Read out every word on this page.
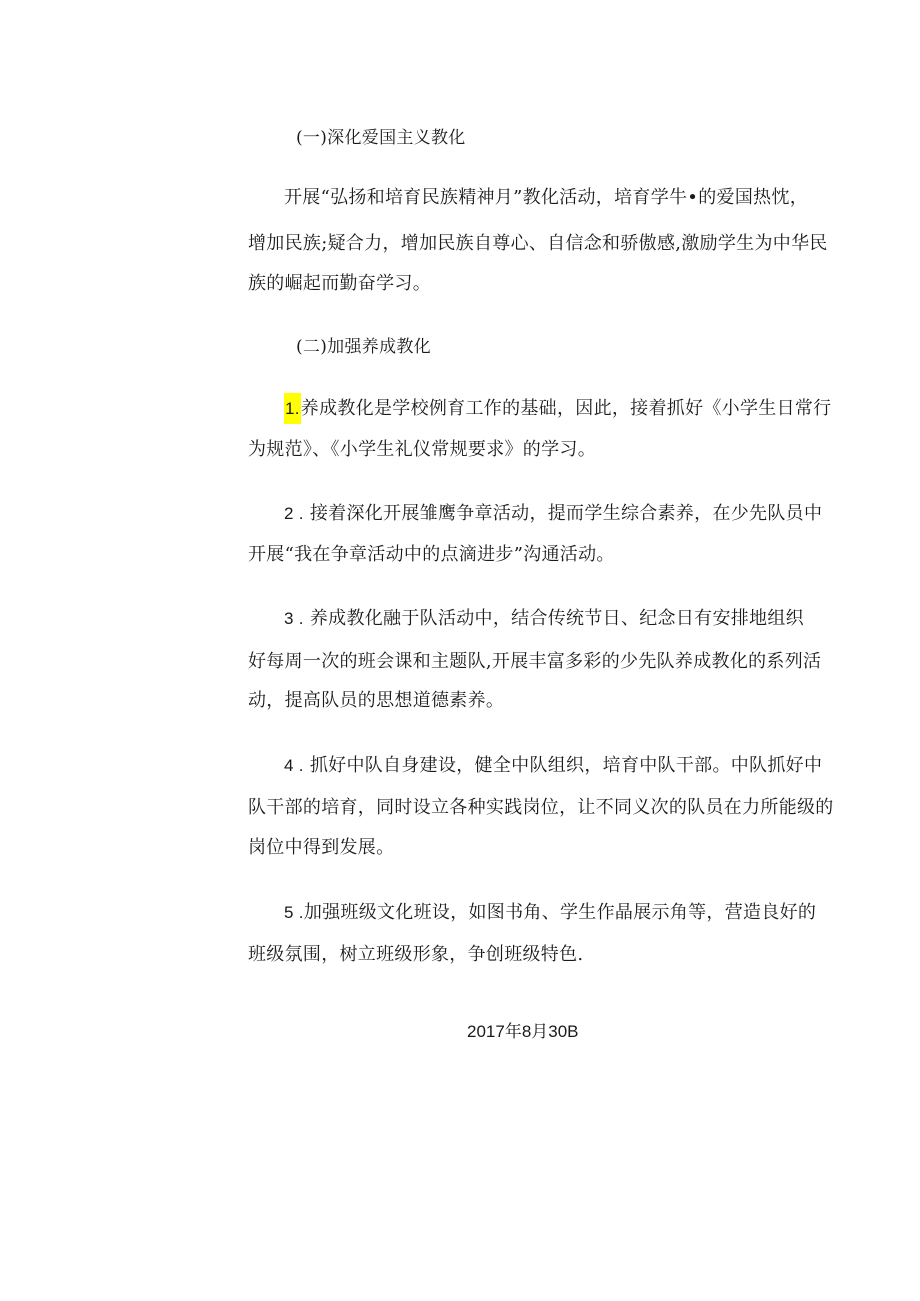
(一)深化爱国主义教化
开展“弘扬和培育民族精神月”教化活动，培育学牛•的爱国热忱，
增加民族;疑合力，增加民族自尊心、自信念和骄傲感,激励学生为中华民
族的崛起而勤奋学习。
(二)加强养成教化
1.养成教化是学校例育工作的基础，因此，接着抓好《小学生日常行
为规范》、《小学生礼仪常规要求》的学习。
2 . 接着深化开展雏鹰争章活动，提而学生综合素养，在少先队员中
开展“我在争章活动中的点滴进步”沟通活动。
3 . 养成教化融于队活动中，结合传统节日、纪念日有安排地组织
好每周一次的班会课和主题队,开展丰富多彩的少先队养成教化的系列活
动，提高队员的思想道德素养。
4 . 抓好中队自身建设，健全中队组织，培育中队干部。中队抓好中
队干部的培育，同时设立各种实践岗位，让不同义次的队员在力所能级的
岗位中得到发展。
5 .加强班级文化班设，如图书角、学生作晶展示角等，营造良好的
班级氛围，树立班级形象，争创班级特色.
2017年8月30B
